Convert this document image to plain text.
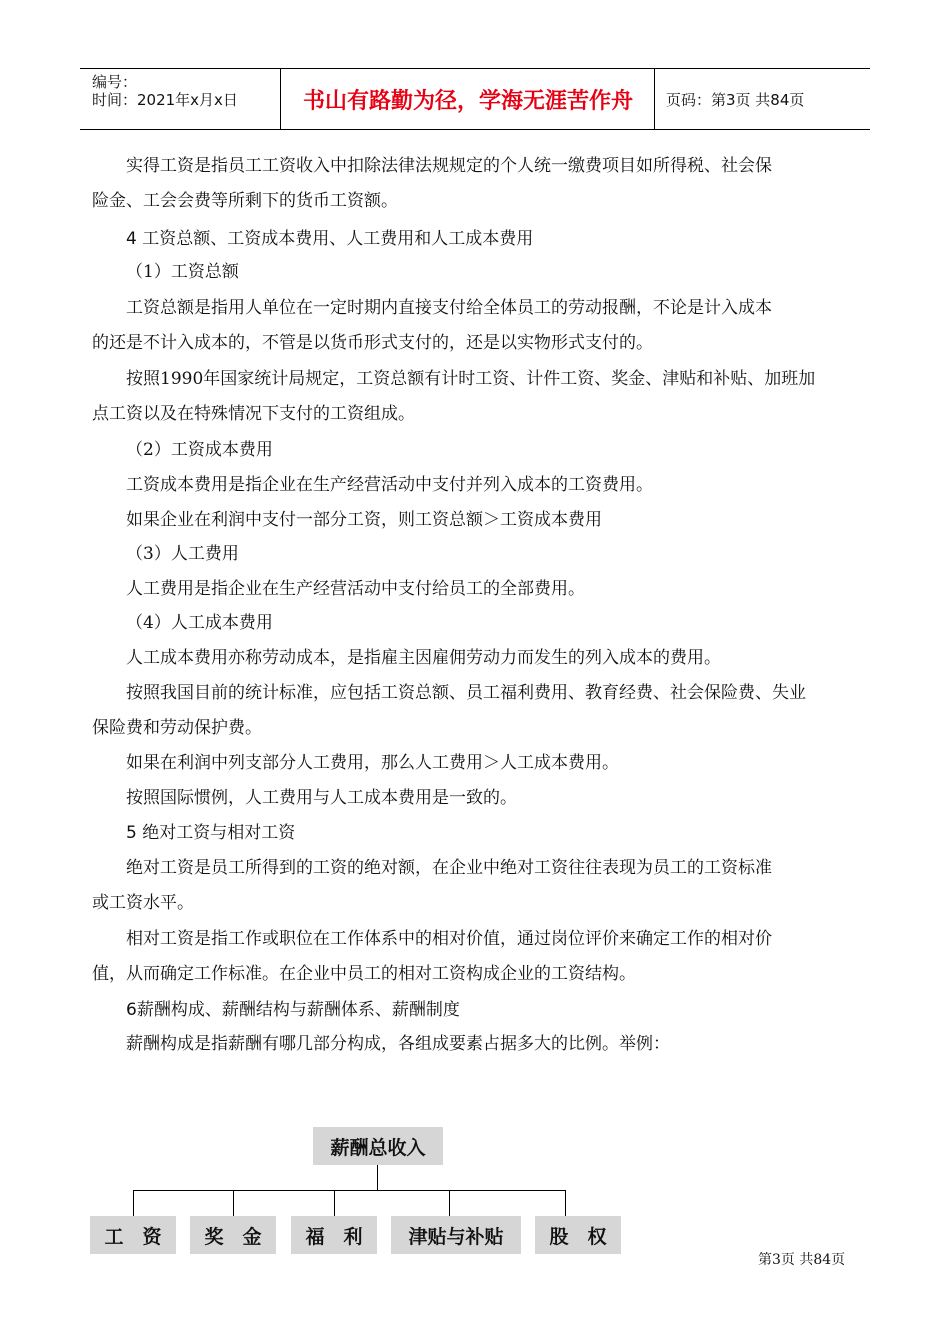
编号：
时间：2021年x月x日	书山有路勤为径，学海无涯苦作舟	页码：第3页 共84页
实得工资是指员工工资收入中扣除法律法规规定的个人统一缴费项目如所得税、社会保
险金、工会会费等所剩下的货币工资额。
4 工资总额、工资成本费用、人工费用和人工成本费用
（1）工资总额
工资总额是指用人单位在一定时期内直接支付给全体员工的劳动报酬，不论是计入成本
的还是不计入成本的，不管是以货币形式支付的，还是以实物形式支付的。
按照1990年国家统计局规定，工资总额有计时工资、计件工资、奖金、津贴和补贴、加班加
点工资以及在特殊情况下支付的工资组成。
（2）工资成本费用
工资成本费用是指企业在生产经营活动中支付并列入成本的工资费用。
如果企业在利润中支付一部分工资，则工资总额＞工资成本费用
（3）人工费用
人工费用是指企业在生产经营活动中支付给员工的全部费用。
（4）人工成本费用
人工成本费用亦称劳动成本，是指雇主因雇佣劳动力而发生的列入成本的费用。
按照我国目前的统计标准，应包括工资总额、员工福利费用、教育经费、社会保险费、失业
保险费和劳动保护费。
如果在利润中列支部分人工费用，那么人工费用＞人工成本费用。
按照国际惯例，人工费用与人工成本费用是一致的。
5 绝对工资与相对工资
绝对工资是员工所得到的工资的绝对额，在企业中绝对工资往往表现为员工的工资标准
或工资水平。
相对工资是指工作或职位在工作体系中的相对价值，通过岗位评价来确定工作的相对价
值，从而确定工作标准。在企业中员工的相对工资构成企业的工资结构。
6薪酬构成、薪酬结构与薪酬体系、薪酬制度
薪酬构成是指薪酬有哪几部分构成，各组成要素占据多大的比例。举例：
薪酬总收入
工　资	奖　金	福　利	津贴与补贴	股　权
第3页 共84页
